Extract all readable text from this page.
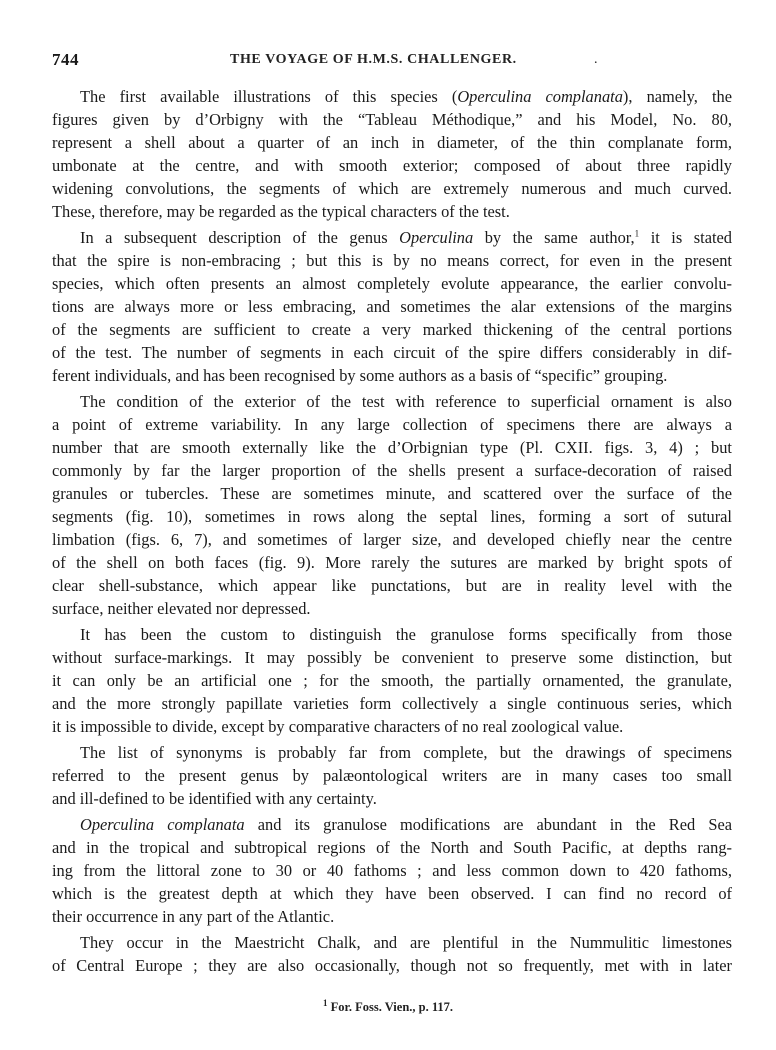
744	THE VOYAGE OF H.M.S. CHALLENGER.	.
The first available illustrations of this species (Operculina complanata), namely, the
figures given by d’Orbigny with the “Tableau Méthodique,” and his Model, No. 80,
represent a shell about a quarter of an inch in diameter, of the thin complanate form,
umbonate at the centre, and with smooth exterior; composed of about three rapidly
widening convolutions, the segments of which are extremely numerous and much curved.
These, therefore, may be regarded as the typical characters of the test.
In a subsequent description of the genus Operculina by the same author,$^1$ it is stated
that the spire is non-embracing ; but this is by no means correct, for even in the present
species, which often presents an almost completely evolute appearance, the earlier convolu-
tions are always more or less embracing, and sometimes the alar extensions of the margins
of the segments are sufficient to create a very marked thickening of the central portions
of the test. The number of segments in each circuit of the spire differs considerably in dif-
ferent individuals, and has been recognised by some authors as a basis of “specific” grouping.
The condition of the exterior of the test with reference to superficial ornament is also
a point of extreme variability. In any large collection of specimens there are always a
number that are smooth externally like the d’Orbignian type (Pl. CXII. figs. 3, 4) ; but
commonly by far the larger proportion of the shells present a surface-decoration of raised
granules or tubercles. These are sometimes minute, and scattered over the surface of the
segments (fig. 10), sometimes in rows along the septal lines, forming a sort of sutural
limbation (figs. 6, 7), and sometimes of larger size, and developed chiefly near the centre
of the shell on both faces (fig. 9). More rarely the sutures are marked by bright spots of
clear shell-substance, which appear like punctations, but are in reality level with the
surface, neither elevated nor depressed.
It has been the custom to distinguish the granulose forms specifically from those
without surface-markings. It may possibly be convenient to preserve some distinction, but
it can only be an artificial one ; for the smooth, the partially ornamented, the granulate,
and the more strongly papillate varieties form collectively a single continuous series, which
it is impossible to divide, except by comparative characters of no real zoological value.
The list of synonyms is probably far from complete, but the drawings of specimens
referred to the present genus by palæontological writers are in many cases too small
and ill-defined to be identified with any certainty.
Operculina complanata and its granulose modifications are abundant in the Red Sea
and in the tropical and subtropical regions of the North and South Pacific, at depths rang-
ing from the littoral zone to 30 or 40 fathoms ; and less common down to 420 fathoms,
which is the greatest depth at which they have been observed. I can find no record of
their occurrence in any part of the Atlantic.
They occur in the Maestricht Chalk, and are plentiful in the Nummulitic limestones
of Central Europe ; they are also occasionally, though not so frequently, met with in later
$^1$ For. Foss. Vien., p. 117.
